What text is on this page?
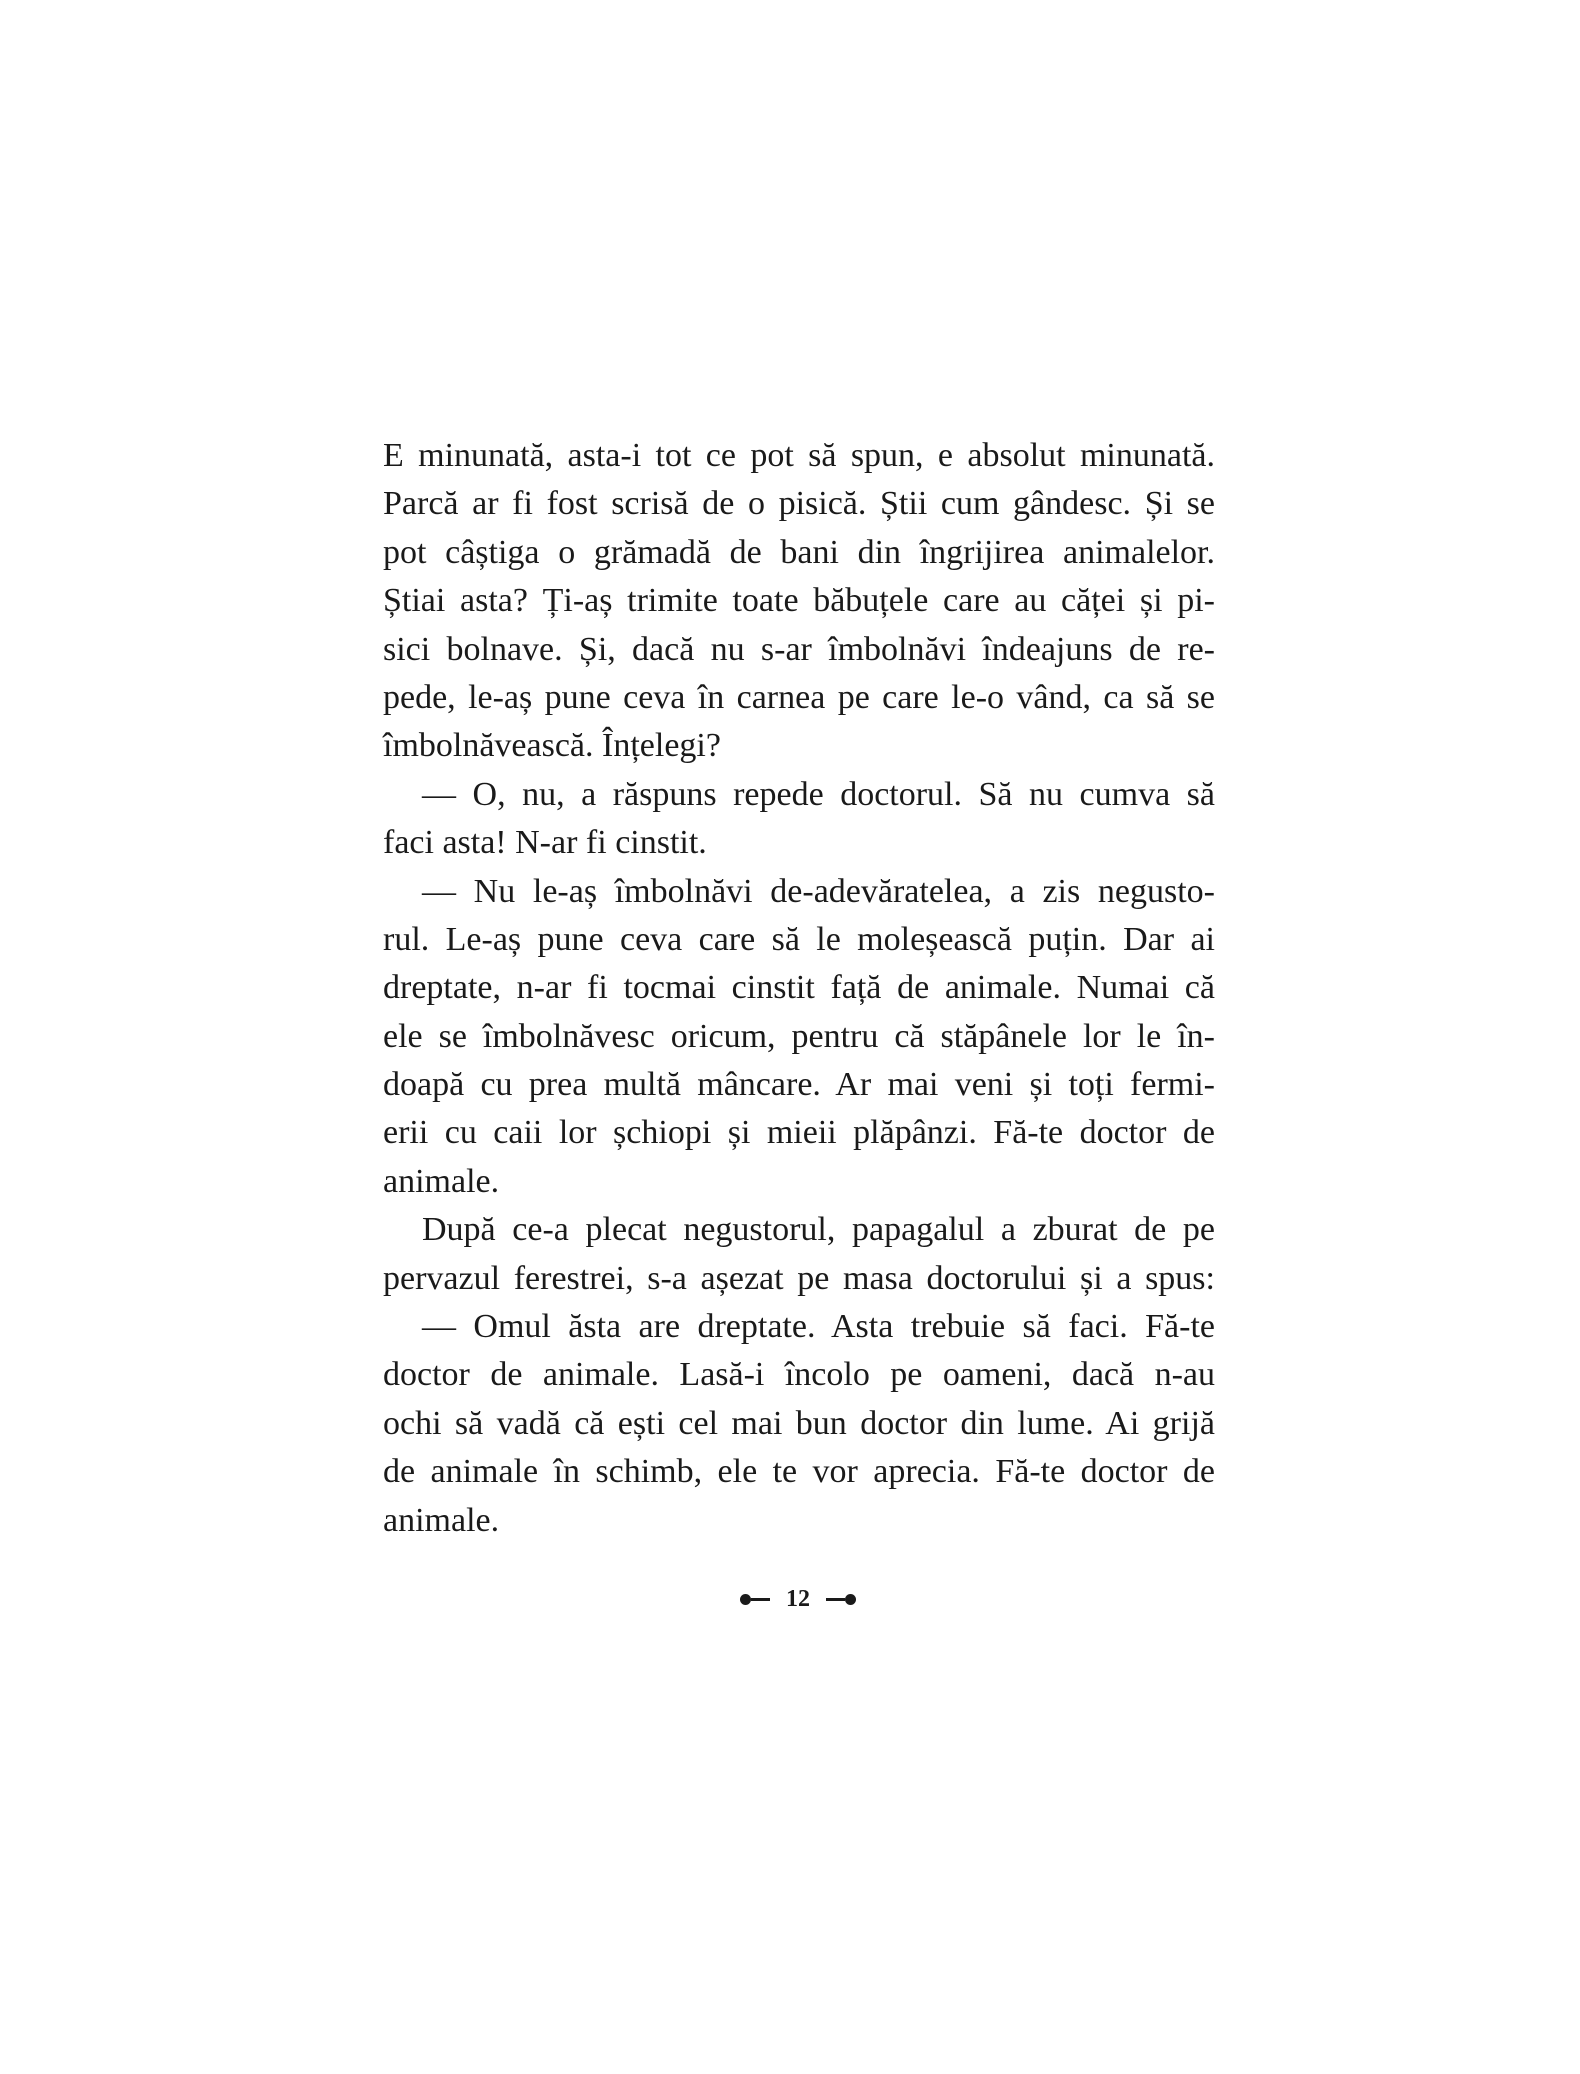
E minunată, asta-i tot ce pot să spun, e absolut minunată.
Parcă ar fi fost scrisă de o pisică. Știi cum gândesc. Și se
pot câștiga o grămadă de bani din îngrijirea animalelor.
Știai asta? Ți-aș trimite toate băbuțele care au căței și pi-
sici bolnave. Și, dacă nu s-ar îmbolnăvi îndeajuns de re-
pede, le-aș pune ceva în carnea pe care le-o vând, ca să se
îmbolnăvească. Înțelegi?
— O, nu, a răspuns repede doctorul. Să nu cumva să
faci asta! N-ar fi cinstit.
— Nu le-aș îmbolnăvi de-adevăratelea, a zis negusto-
rul. Le-aș pune ceva care să le moleșească puțin. Dar ai
dreptate, n-ar fi tocmai cinstit față de animale. Numai că
ele se îmbolnăvesc oricum, pentru că stăpânele lor le în-
doapă cu prea multă mâncare. Ar mai veni și toți fermi-
erii cu caii lor șchiopi și mieii plăpânzi. Fă-te doctor de
animale.
După ce-a plecat negustorul, papagalul a zburat de pe
pervazul ferestrei, s-a așezat pe masa doctorului și a spus:
— Omul ăsta are dreptate. Asta trebuie să faci. Fă-te
doctor de animale. Lasă-i încolo pe oameni, dacă n-au
ochi să vadă că ești cel mai bun doctor din lume. Ai grijă
de animale în schimb, ele te vor aprecia. Fă-te doctor de
animale.
12
